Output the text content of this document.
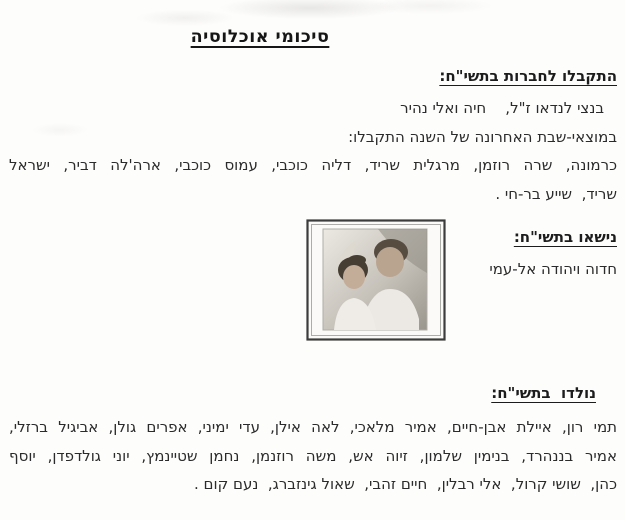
סיכומי אוכלוסיה

התקבלו לחברות בתשי"ח:

בנצי לנדאו ז"ל,    חיה ואלי נהיר

במוצאי-שבת האחרונה של השנה התקבלו:

כרמונה, שרה רוזמן, מרגלית שריד, דליה כוכבי, עמוס כוכבי, ארה'לה דביר, ישראל

שריד,  שייע בר-חי .

נישאו בתשי"ח:

חדוה ויהודה אל-עמי

נולדו  בתשי"ח:

תמי רון, איילת אבן-חיים, אמיר מלאכי, לאה אילן, עדי ימיני, אפרים גולן, אביגיל ברזלי,

אמיר בננהרד, בנימין שלמון, זיוה אש, משה רוזנמן, נחמן שטיינמץ, יוני גולדפדן, יוסף

כהן,  שושי קרול,  אלי רבלין,  חיים זהבי,  שאול גינזברג,  נעם קום .
